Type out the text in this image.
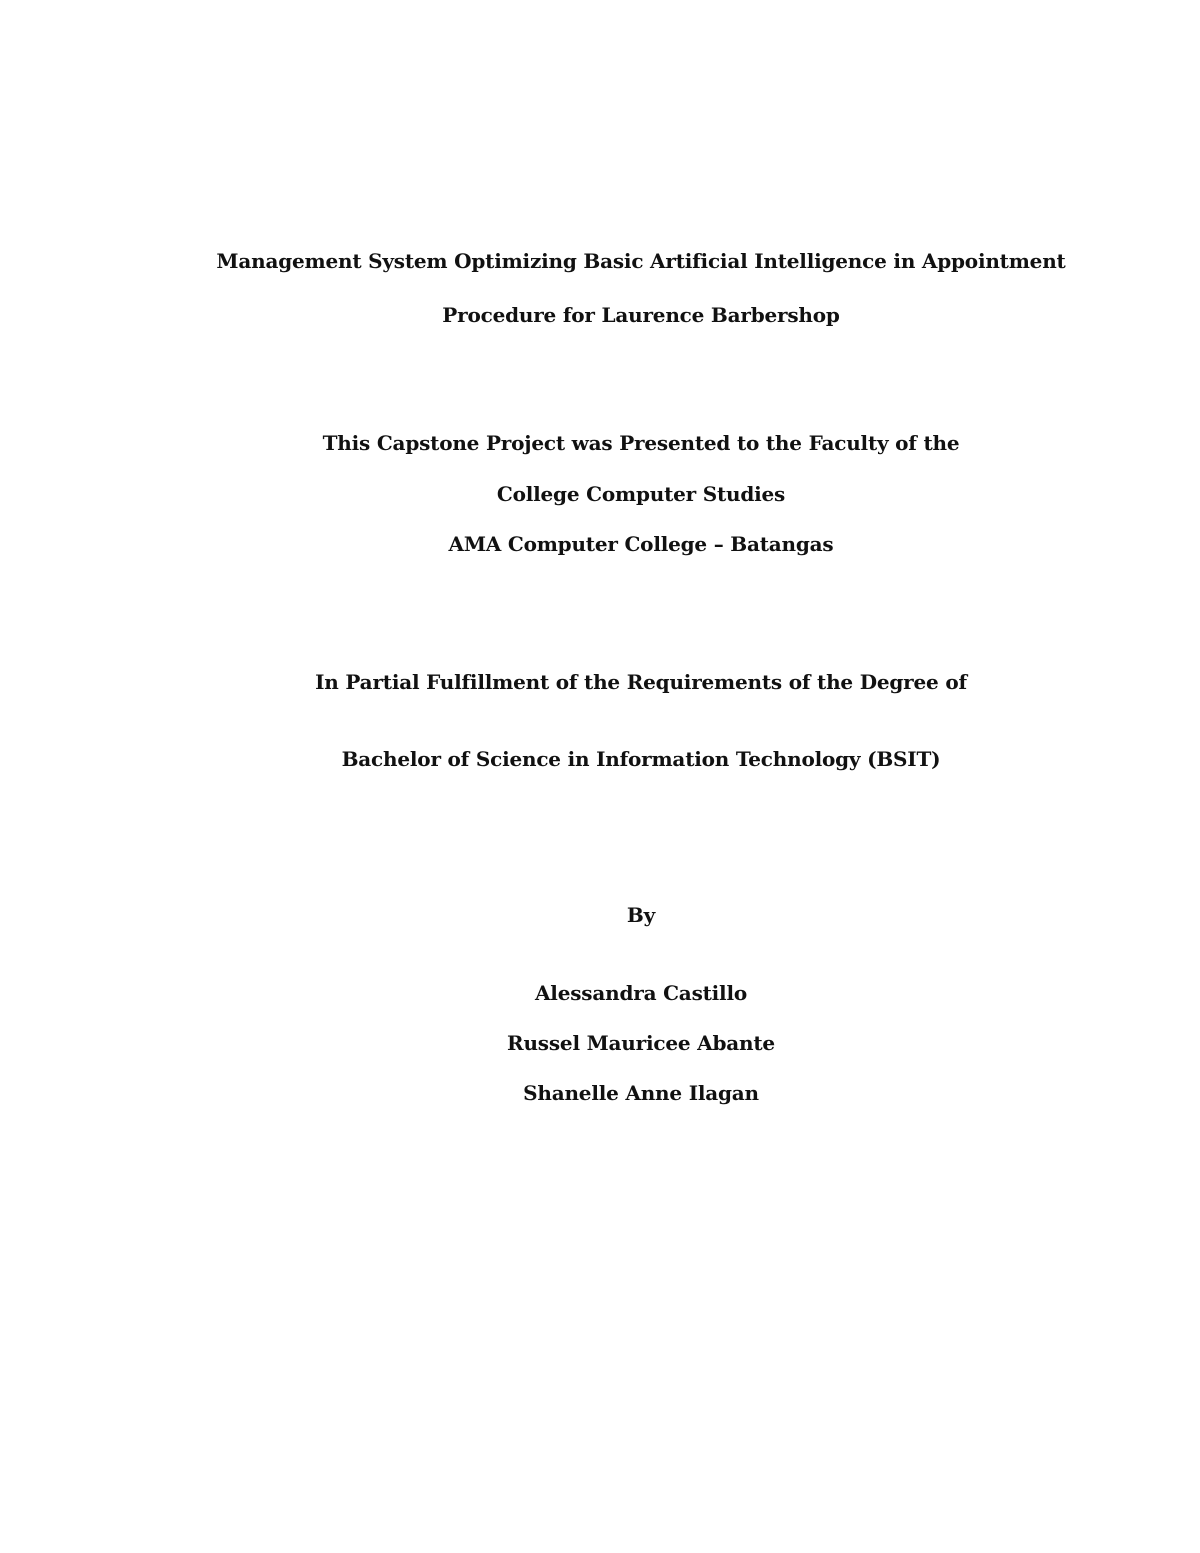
Management System Optimizing Basic Artificial Intelligence in Appointment
Procedure for Laurence Barbershop
This Capstone Project was Presented to the Faculty of the
College Computer Studies
AMA Computer College – Batangas
In Partial Fulfillment of the Requirements of the Degree of
Bachelor of Science in Information Technology (BSIT)
By
Alessandra Castillo
Russel Mauricee Abante
Shanelle Anne Ilagan
